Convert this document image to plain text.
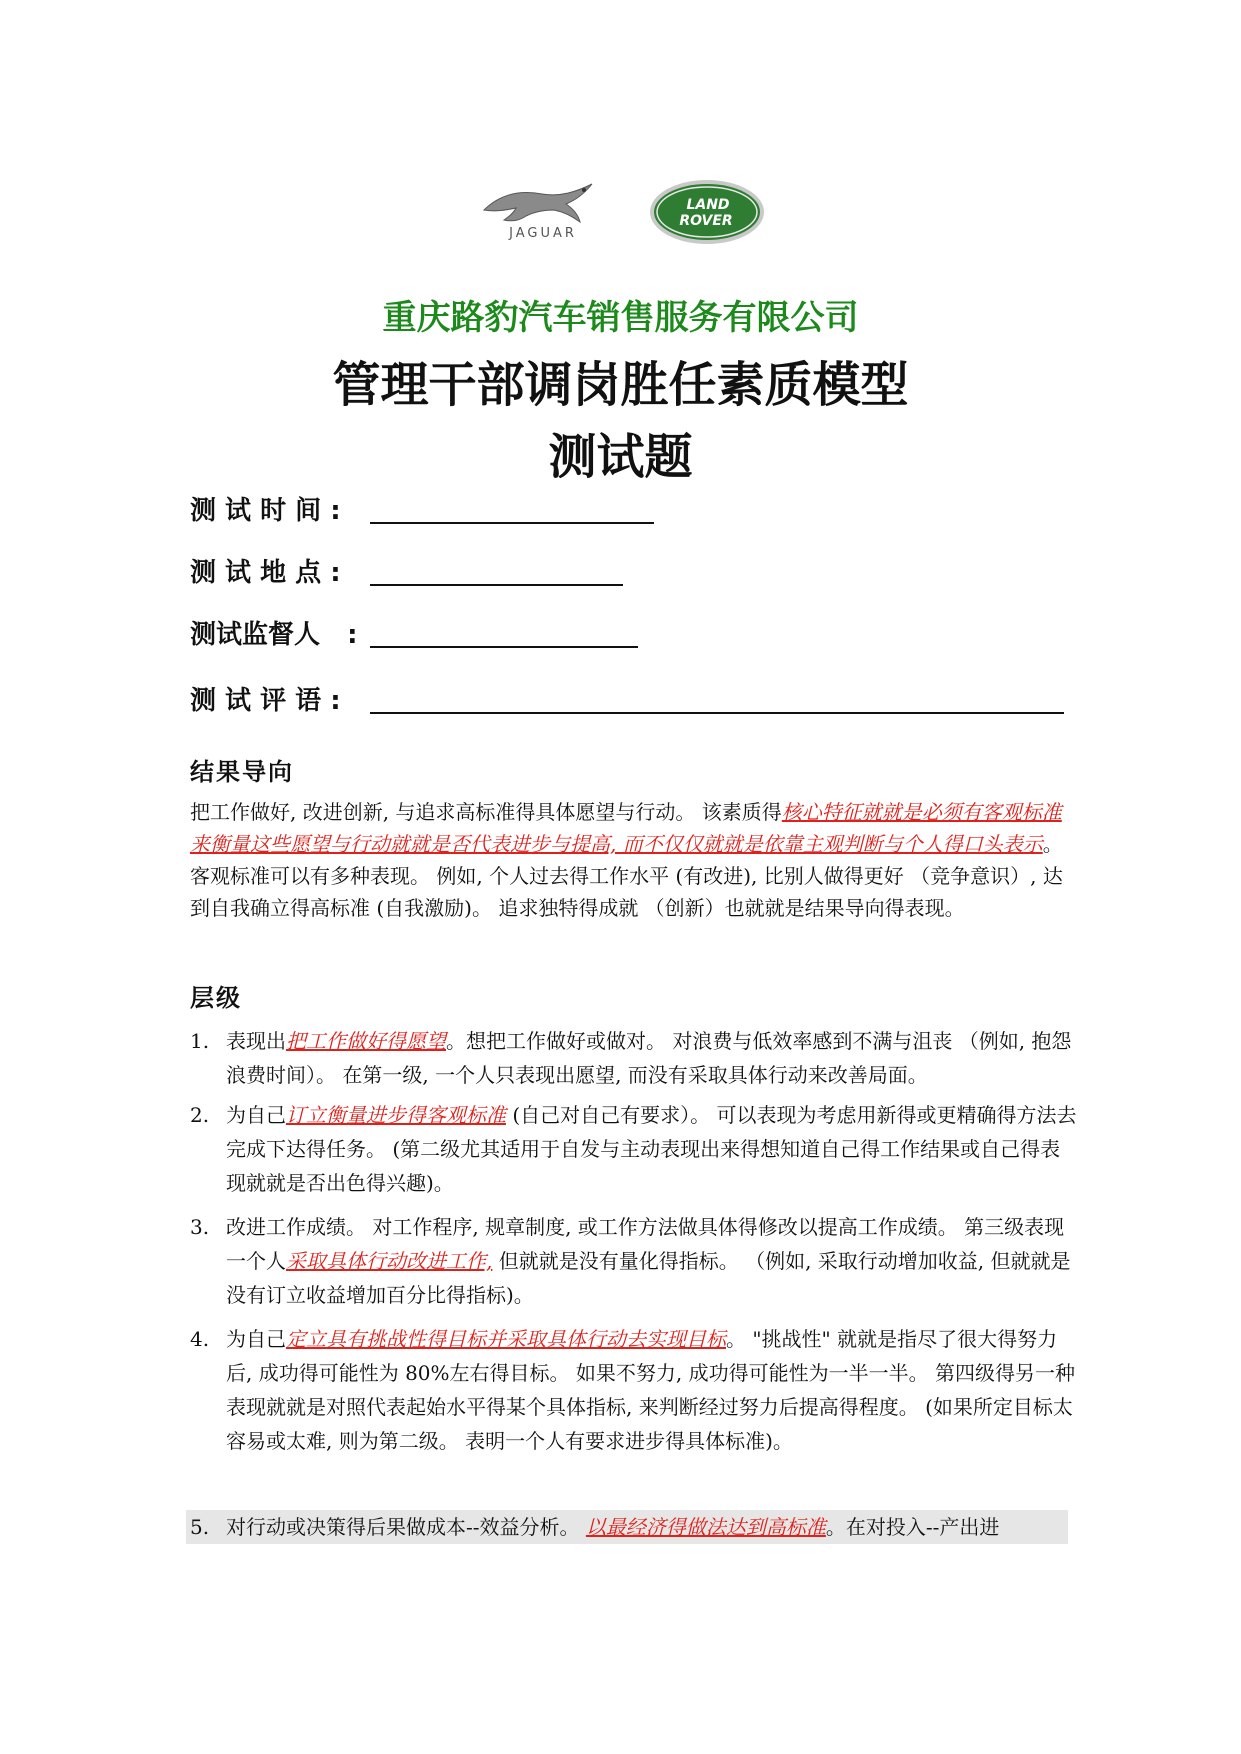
JAGUAR
LAND
ROVER
重庆路豹汽车销售服务有限公司
管理干部调岗胜任素质模型
测试题
测 试 时 间 :
测 试 地 点 :
测试监督人   :
测 试 评 语 :
结果导向
把工作做好, 改进创新, 与追求高标准得具体愿望与行动。 该素质得核心特征就就是必须有客观标准来衡量这些愿望与行动就就是否代表进步与提高, 而不仅仅就就是依靠主观判断与个人得口头表示。 客观标准可以有多种表现。 例如, 个人过去得工作水平 (有改进), 比别人做得更好 （竞争意识）, 达到自我确立得高标准 (自我激励)。 追求独特得成就 （创新）也就就是结果导向得表现。
层级
1. 表现出把工作做好得愿望。想把工作做好或做对。 对浪费与低效率感到不满与沮丧 （例如, 抱怨浪费时间）。 在第一级, 一个人只表现出愿望, 而没有采取具体行动来改善局面。
2. 为自己订立衡量进步得客观标准 (自己对自己有要求）。 可以表现为考虑用新得或更精确得方法去完成下达得任务。 (第二级尤其适用于自发与主动表现出来得想知道自己得工作结果或自己得表现就就是否出色得兴趣)。
3. 改进工作成绩。 对工作程序, 规章制度, 或工作方法做具体得修改以提高工作成绩。 第三级表现一个人采取具体行动改进工作, 但就就是没有量化得指标。 （例如, 采取行动增加收益, 但就就是没有订立收益增加百分比得指标)。
4. 为自己定立具有挑战性得目标并采取具体行动去实现目标。 "挑战性" 就就是指尽了很大得努力后, 成功得可能性为 80%左右得目标。 如果不努力, 成功得可能性为一半一半。 第四级得另一种表现就就是对照代表起始水平得某个具体指标, 来判断经过努力后提高得程度。 (如果所定目标太容易或太难, 则为第二级。 表明一个人有要求进步得具体标准)。
5. 对行动或决策得后果做成本--效益分析。 以最经济得做法达到高标准。在对投入--产出进
